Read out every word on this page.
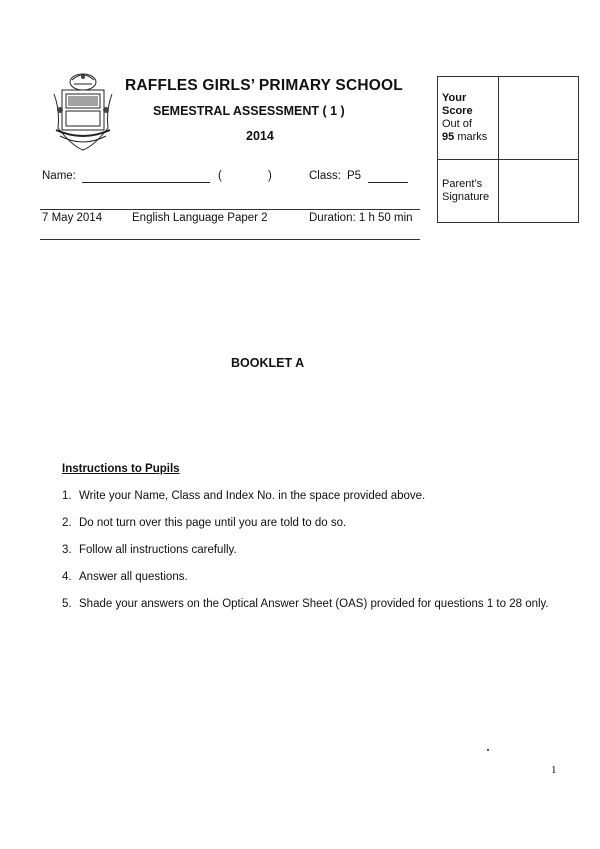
RAFFLES GIRLS’ PRIMARY SCHOOL
SEMESTRAL ASSESSMENT ( 1 )
2014
Name:	(	)	Class: P5
7 May 2014	English Language Paper 2	Duration: 1 h 50 min
Your
Score
Out of
95 marks
Parent’s
Signature
BOOKLET A
Instructions to Pupils
1. Write your Name, Class and Index No. in the space provided above.
2. Do not turn over this page until you are told to do so.
3. Follow all instructions carefully.
4. Answer all questions.
5. Shade your answers on the Optical Answer Sheet (OAS) provided for questions 1 to 28 only.
1
